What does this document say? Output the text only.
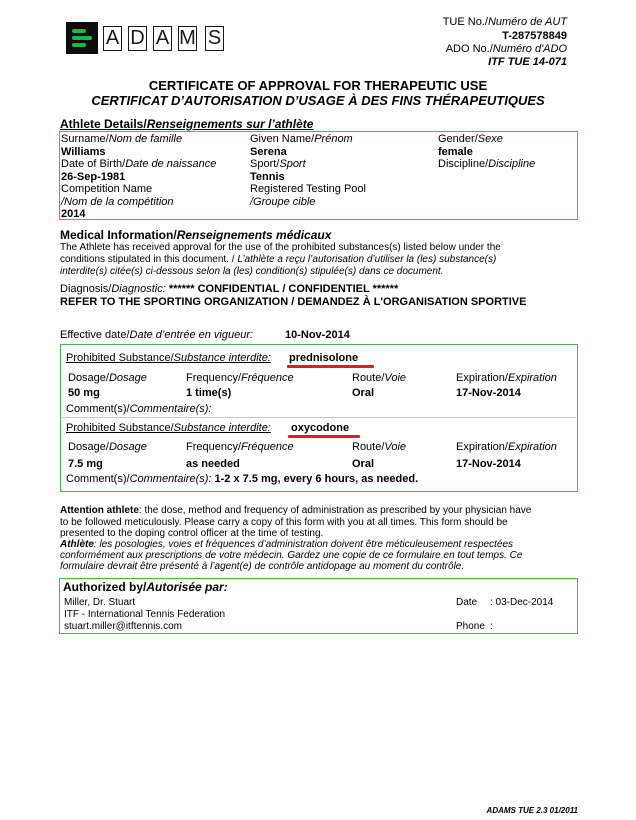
A D A M S
TUE No./Numéro de AUT
T-287578849
ADO No./Numéro d'ADO
ITF TUE 14-071
CERTIFICATE OF APPROVAL FOR THERAPEUTIC USE
CERTIFICAT D’AUTORISATION D’USAGE À DES FINS THÉRAPEUTIQUES
Athlete Details/Renseignements sur l’athlète
Surname/Nom de famille
Williams
Given Name/Prénom
Serena
Gender/Sexe
female
Date of Birth/Date de naissance
26-Sep-1981
Sport/Sport
Tennis
Discipline/Discipline
Competition Name
/Nom de la compétition
2014
Registered Testing Pool
/Groupe cible
Medical Information/Renseignements médicaux
The Athlete has received approval for the use of the prohibited substances(s) listed below under the
conditions stipulated in this document. / L’athlète a reçu l’autorisation d’utiliser la (les) substance(s)
interdite(s) citée(s) ci-dessous selon la (les) condition(s) stipulée(s) dans ce document.
Diagnosis/Diagnostic: ****** CONFIDENTIAL / CONFIDENTIEL ******
REFER TO THE SPORTING ORGANIZATION / DEMANDEZ À L'ORGANISATION SPORTIVE
Effective date/Date d’entrée en vigueur:	10-Nov-2014
Prohibited Substance/Substance interdite: prednisolone
Dosage/Dosage
50 mg
Frequency/Fréquence
1 time(s)
Route/Voie
Oral
Expiration/Expiration
17-Nov-2014
Comment(s)/Commentaire(s):
Prohibited Substance/Substance interdite: oxycodone
Dosage/Dosage
7.5 mg
Frequency/Fréquence
as needed
Route/Voie
Oral
Expiration/Expiration
17-Nov-2014
Comment(s)/Commentaire(s): 1-2 x 7.5 mg, every 6 hours, as needed.
Attention athlete: the dose, method and frequency of administration as prescribed by your physician have
to be followed meticulously. Please carry a copy of this form with you at all times. This form should be
presented to the doping control officer at the time of testing.
Athlète: les posologies, voies et fréquences d’administration doivent être méticuleusement respectées
conformément aux prescriptions de votre médecin. Gardez une copie de ce formulaire en tout temps. Ce
formulaire devrait être présenté à l’agent(e) de contrôle antidopage au moment du contrôle.
Authorized by/Autorisée par:
Miller, Dr. Stuart
ITF - International Tennis Federation
stuart.miller@itftennis.com
Date : 03-Dec-2014
Phone :
ADAMS TUE 2.3 01/2011
